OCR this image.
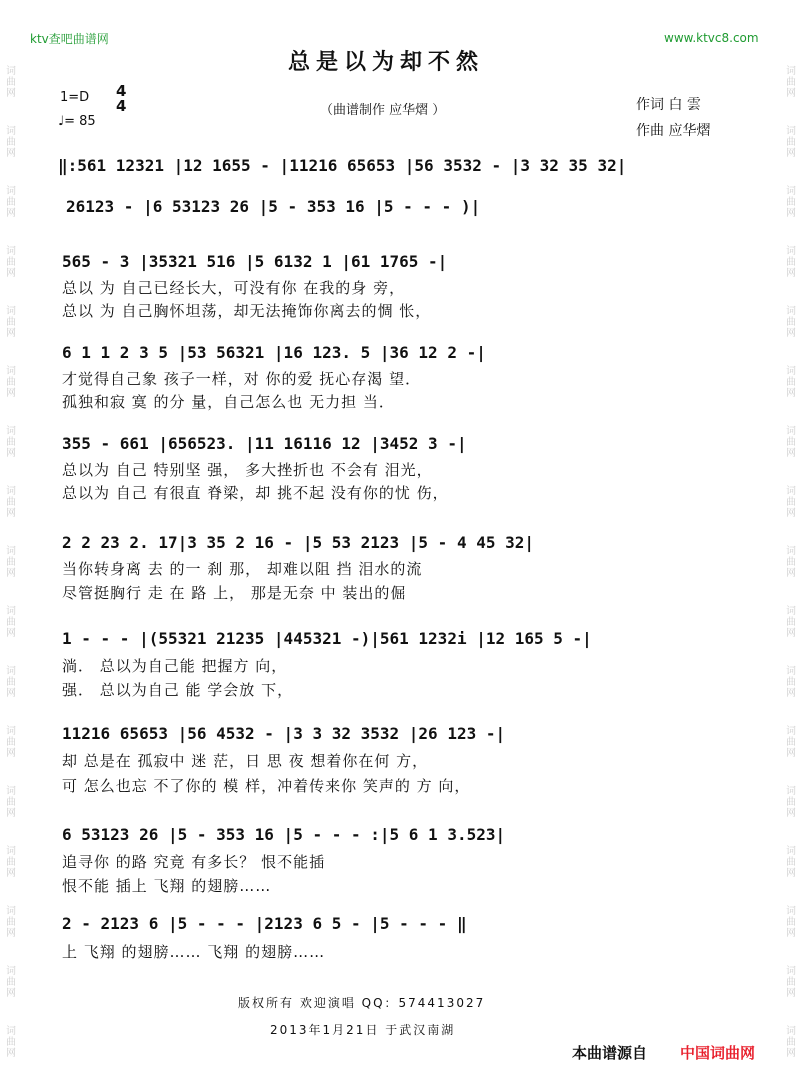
词曲网
词曲网
词曲网
词曲网
词曲网
词曲网
词曲网
词曲网
词曲网
词曲网
词曲网
词曲网
词曲网
词曲网
词曲网
词曲网
词曲网
词曲网
词曲网
词曲网
词曲网
词曲网
词曲网
词曲网
词曲网
词曲网
词曲网
词曲网
词曲网
词曲网
词曲网
词曲网
词曲网
词曲网
ktv查吧曲谱网	www.ktvc8.com
总是以为却不然
1=D 4
4
♩= 85
（曲谱制作 应华熠 ）	作词 白 雲
作曲 应华熠
‖:561 12321 |12 1655 - |11216 65653 |56 3532 - |3 32 35 32|
26123 - |6 53123 26 |5 - 353 16 |5 - - - )|
565 - 3 |35321 516 |5 6132 1 |61 1765 -|
总以 为 自己已经长大，可没有你 在我的身 旁，
总以 为 自己胸怀坦荡，却无法掩饰你离去的惆 怅，
6 1 1 2 3 5 |53 56321 |16 123. 5 |36 12 2 -|
才觉得自己象 孩子一样，对 你的爱 抚心存渴 望．
孤独和寂 寞 的分 量，自己怎么也 无力担 当．
355 - 661 |656523. |11 16116 12 |3452 3 -|
总以为 自己 特别坚 强， 多大挫折也 不会有 泪光，
总以为 自己 有很直 脊梁，却 挑不起 没有你的忧 伤，
2 2 23 2. 17|3 35 2 16 - |5 53 2123 |5 - 4 45 32|
当你转身离 去 的一 刹 那， 却难以阻 挡 泪水的流
尽管挺胸行 走 在 路 上， 那是无奈 中 装出的倔
1 - - - |(55321 21235 |445321 -)|561 1232i |12 165 5 -|
淌． 总以为自己能 把握方 向，
强． 总以为自己 能 学会放 下，
11216 65653 |56 4532 - |3 3 32 3532 |26 123 -|
却 总是在 孤寂中 迷 茫，日 思 夜 想着你在何 方，
可 怎么也忘 不了你的 模 样，冲着传来你 笑声的 方 向，
6 53123 26 |5 - 353 16 |5 - - - :|5 6 1 3.523|
追寻你 的路 究竟 有多长？ 恨不能插
恨不能 插上 飞翔 的翅膀……
2 - 2123 6 |5 - - - |2123 6 5 - |5 - - - ‖
上 飞翔 的翅膀…… 飞翔 的翅膀……
版权所有 欢迎演唱 QQ：574413027
2013年1月21日 于武汉南湖
本曲谱源自 中国词曲网
